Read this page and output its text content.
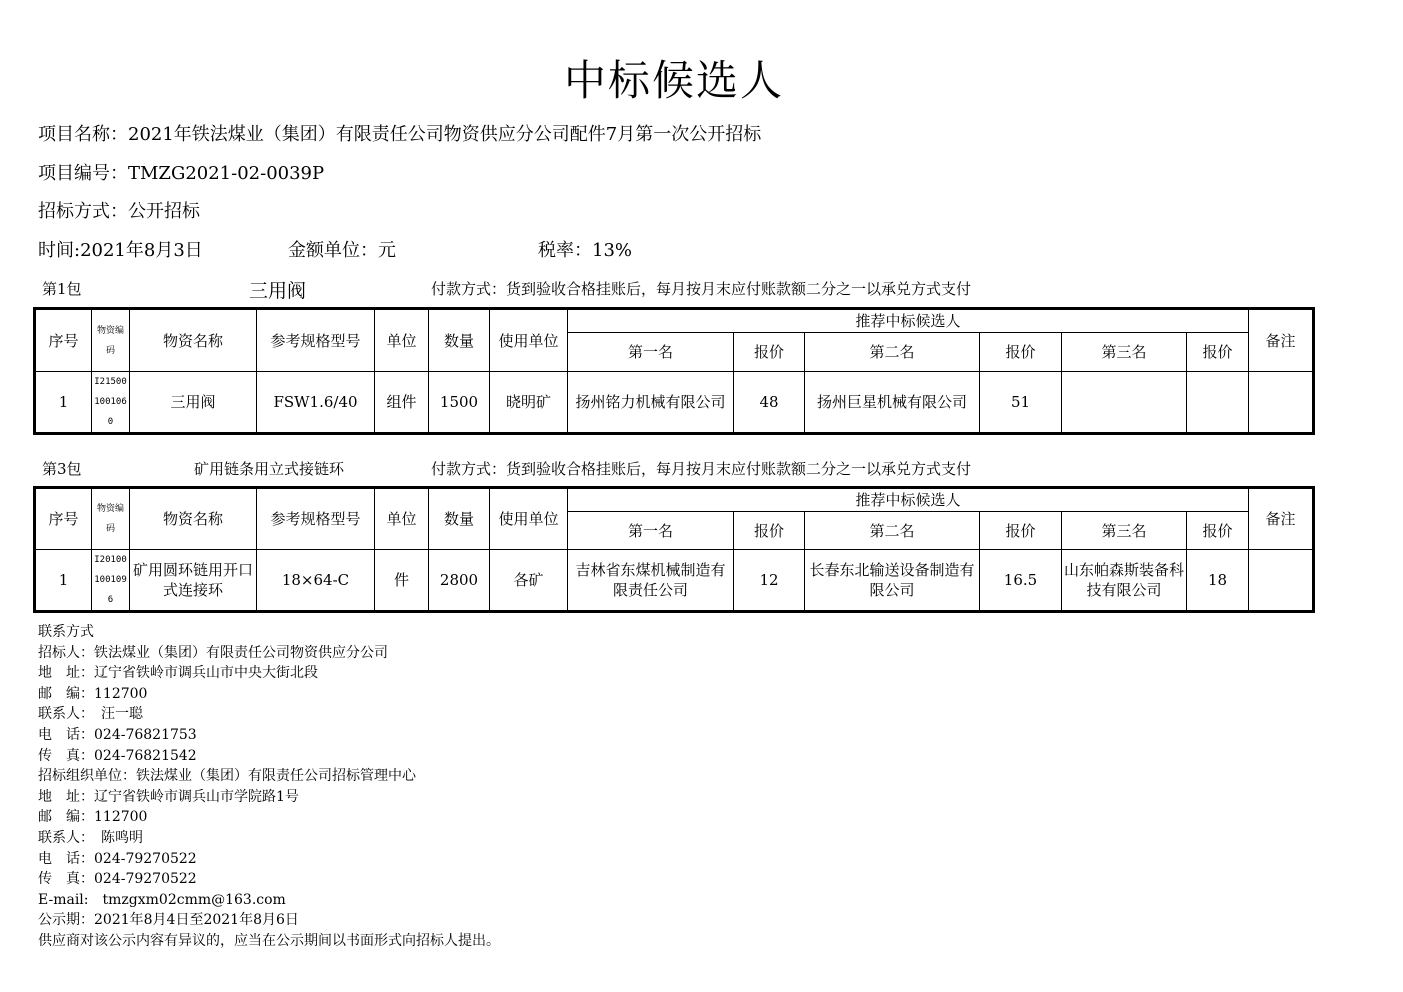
中标候选人
项目名称：2021年铁法煤业（集团）有限责任公司物资供应分公司配件7月第一次公开招标
项目编号：TMZG2021-02-0039P
招标方式：公开招标
时间:2021年8月3日	金额单位：元	税率：13%
第1包	三用阀	付款方式：货到验收合格挂账后，每月按月末应付账款额二分之一以承兑方式支付
序号	物资编码	物资名称	参考规格型号	单位	数量	使用单位	推荐中标候选人						备注
							第一名	报价	第二名	报价	第三名	报价	
1	I215001001060	三用阀	FSW1.6/40	组件	1500	晓明矿	扬州铭力机械有限公司	48	扬州巨星机械有限公司	51			
第3包	矿用链条用立式接链环	付款方式：货到验收合格挂账后，每月按月末应付账款额二分之一以承兑方式支付
序号	物资编码	物资名称	参考规格型号	单位	数量	使用单位	推荐中标候选人						备注
							第一名	报价	第二名	报价	第三名	报价	
1	I201001001096	矿用圆环链用开口式连接环	18×64-C	件	2800	各矿	吉林省东煤机械制造有限责任公司	12	长春东北输送设备制造有限公司	16.5	山东帕森斯装备科技有限公司	18	
联系方式
招标人：铁法煤业（集团）有限责任公司物资供应分公司
地　址：辽宁省铁岭市调兵山市中央大街北段
邮　编：112700
联系人：　汪一聪
电　话：024-76821753
传　真：024-76821542
招标组织单位：铁法煤业（集团）有限责任公司招标管理中心
地　址：辽宁省铁岭市调兵山市学院路1号
邮　编：112700
联系人：　陈鸣明
电　话：024-79270522
传　真：024-79270522
E-mail:　tmzgxm02cmm@163.com
公示期：2021年8月4日至2021年8月6日
供应商对该公示内容有异议的，应当在公示期间以书面形式向招标人提出。
